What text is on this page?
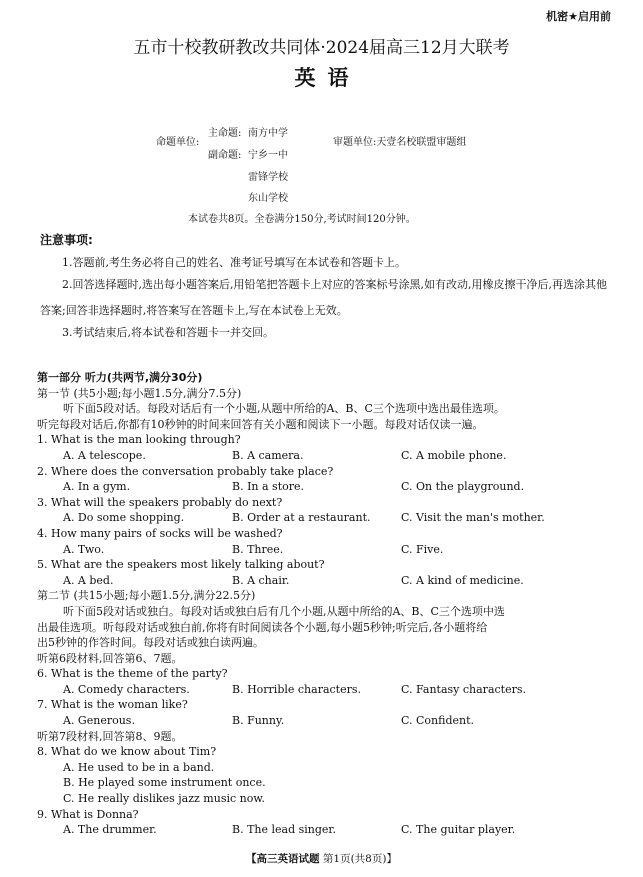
机密★启用前
五市十校教研教改共同体·2024届高三12月大联考
英语
命题单位:
主命题: 南方中学
副命题: 宁乡一中
雷锋学校
东山学校
审题单位:天壹名校联盟审题组
本试卷共8页。全卷满分150分,考试时间120分钟。
注意事项:
1.答题前,考生务必将自己的姓名、准考证号填写在本试卷和答题卡上。
2.回答选择题时,选出每小题答案后,用铅笔把答题卡上对应的答案标号涂黑,如有改动,用橡皮擦干净后,再选涂其他答案;回答非选择题时,将答案写在答题卡上,写在本试卷上无效。
3.考试结束后,将本试卷和答题卡一并交回。
第一部分 听力(共两节,满分30分)
第一节 (共5小题;每小题1.5分,满分7.5分)
听下面5段对话。每段对话后有一个小题,从题中所给的A、B、C三个选项中选出最佳选项。
听完每段对话后,你都有10秒钟的时间来回答有关小题和阅读下一小题。每段对话仅读一遍。
1. What is the man looking through?
A. A telescope.	B. A camera.	C. A mobile phone.
2. Where does the conversation probably take place?
A. In a gym.	B. In a store.	C. On the playground.
3. What will the speakers probably do next?
A. Do some shopping.	B. Order at a restaurant.	C. Visit the man's mother.
4. How many pairs of socks will be washed?
A. Two.	B. Three.	C. Five.
5. What are the speakers most likely talking about?
A. A bed.	B. A chair.	C. A kind of medicine.
第二节 (共15小题;每小题1.5分,满分22.5分)
听下面5段对话或独白。每段对话或独白后有几个小题,从题中所给的A、B、C三个选项中选
出最佳选项。听每段对话或独白前,你将有时间阅读各个小题,每小题5秒钟;听完后,各小题将给
出5秒钟的作答时间。每段对话或独白读两遍。
听第6段材料,回答第6、7题。
6. What is the theme of the party?
A. Comedy characters.	B. Horrible characters.	C. Fantasy characters.
7. What is the woman like?
A. Generous.	B. Funny.	C. Confident.
听第7段材料,回答第8、9题。
8. What do we know about Tim?
A. He used to be in a band.
B. He played some instrument once.
C. He really dislikes jazz music now.
9. What is Donna?
A. The drummer.	B. The lead singer.	C. The guitar player.
【高三英语试题 第1页(共8页)】
